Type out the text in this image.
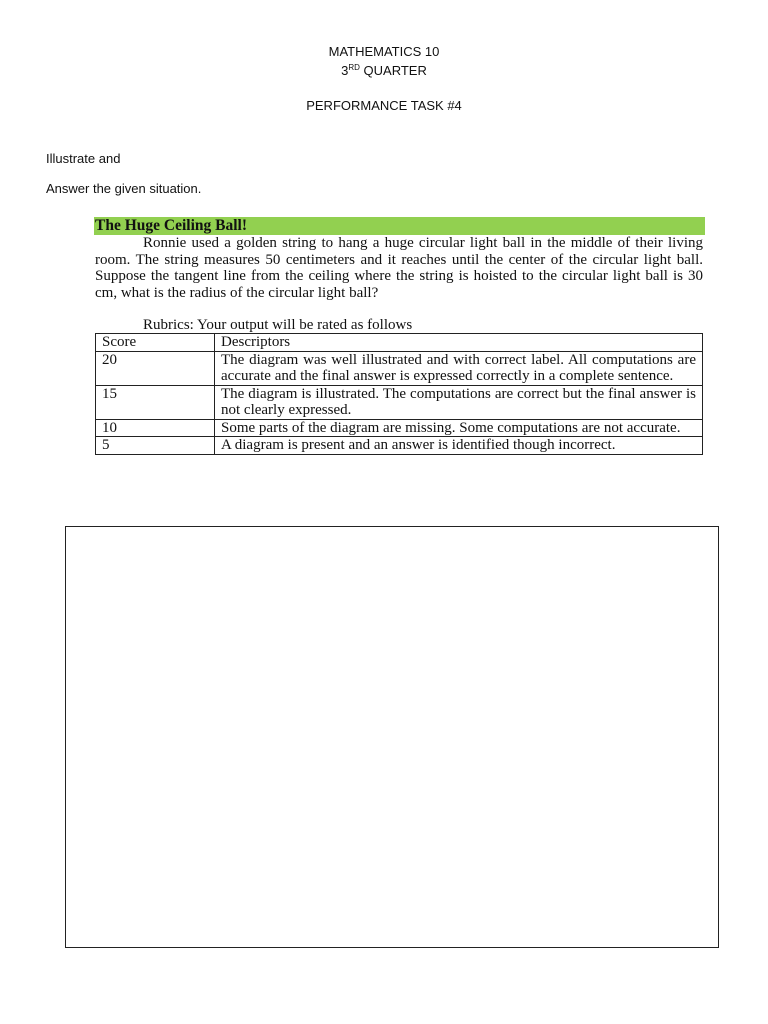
MATHEMATICS 10
3RD QUARTER
PERFORMANCE TASK #4
Illustrate and
Answer the given situation.
The Huge Ceiling Ball!

Ronnie used a golden string to hang a huge circular light ball in the middle of their living room. The string measures 50 centimeters and it reaches until the center of the circular light ball. Suppose the tangent line from the ceiling where the string is hoisted to the circular light ball is 30 cm, what is the radius of the circular light ball?

Rubrics: Your output will be rated as follows
Score	Descriptors
20	The diagram was well illustrated and with correct label. All computations are accurate and the final answer is expressed correctly in a complete sentence.
15	The diagram is illustrated. The computations are correct but the final answer is not clearly expressed.
10	Some parts of the diagram are missing. Some computations are not accurate.
5	A diagram is present and an answer is identified though incorrect.
